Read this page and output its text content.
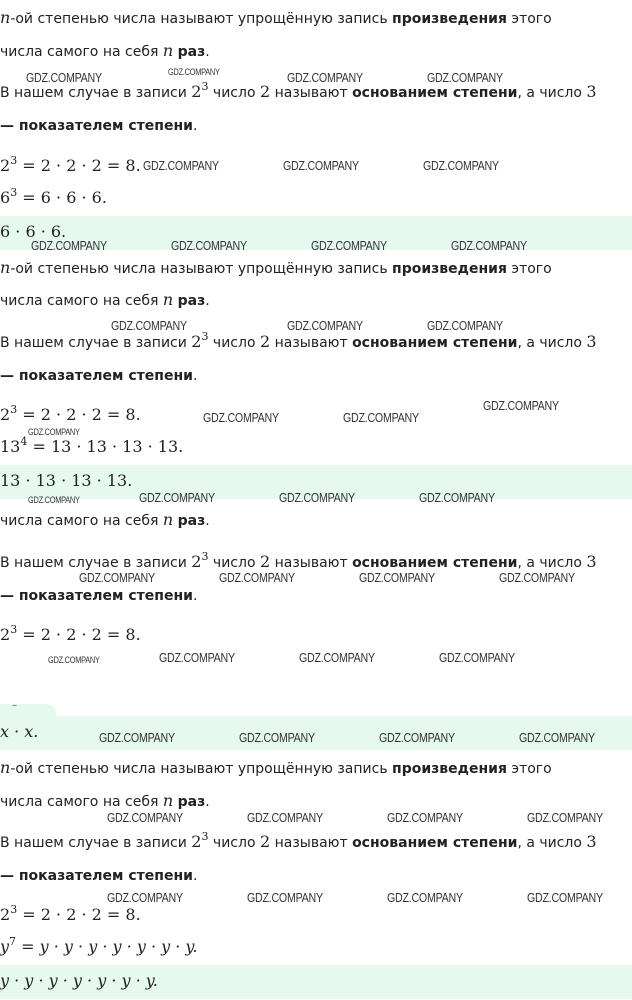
n-ой степенью числа называют упрощённую запись произведения этого
числа самого на себя n раз.
В нашем случае в записи $2^3$ число 2 называют основанием степени, а число 3
— показателем степени.
$2^3 = 2 \cdot 2 \cdot 2 = 8$.
$6^3 = 6 \cdot 6 \cdot 6$.
6 · 6 · 6.
n-ой степенью числа называют упрощённую запись произведения этого
числа самого на себя n раз.
В нашем случае в записи $2^3$ число 2 называют основанием степени, а число 3
— показателем степени.
$2^3 = 2 \cdot 2 \cdot 2 = 8$.
$13^4 = 13 \cdot 13 \cdot 13 \cdot 13$.
13 · 13 · 13 · 13.
числа самого на себя n раз.
В нашем случае в записи $2^3$ число 2 называют основанием степени, а число 3
— показателем степени.
$2^3 = 2 \cdot 2 \cdot 2 = 8$.
–
x · x.
n-ой степенью числа называют упрощённую запись произведения этого
числа самого на себя n раз.
В нашем случае в записи $2^3$ число 2 называют основанием степени, а число 3
— показателем степени.
$2^3 = 2 \cdot 2 \cdot 2 = 8$.
$y^7 = y \cdot y \cdot y \cdot y \cdot y \cdot y \cdot y$.
y · y · y · y · y · y · y.
GDZ.COMPANY	GDZ.COMPANY	GDZ.COMPANY	GDZ.COMPANY
GDZ.COMPANY	GDZ.COMPANY	GDZ.COMPANY
GDZ.COMPANY	GDZ.COMPANY	GDZ.COMPANY	GDZ.COMPANY
GDZ.COMPANY	GDZ.COMPANY	GDZ.COMPANY
GDZ.COMPANY
GDZ.COMPANY	GDZ.COMPANY
GDZ.COMPANY
GDZ.COMPANY	GDZ.COMPANY	GDZ.COMPANY	GDZ.COMPANY
GDZ.COMPANY	GDZ.COMPANY	GDZ.COMPANY	GDZ.COMPANY
GDZ.COMPANY	GDZ.COMPANY	GDZ.COMPANY	GDZ.COMPANY
GDZ.COMPANY	GDZ.COMPANY	GDZ.COMPANY	GDZ.COMPANY
GDZ.COMPANY	GDZ.COMPANY	GDZ.COMPANY	GDZ.COMPANY
GDZ.COMPANY	GDZ.COMPANY	GDZ.COMPANY	GDZ.COMPANY
